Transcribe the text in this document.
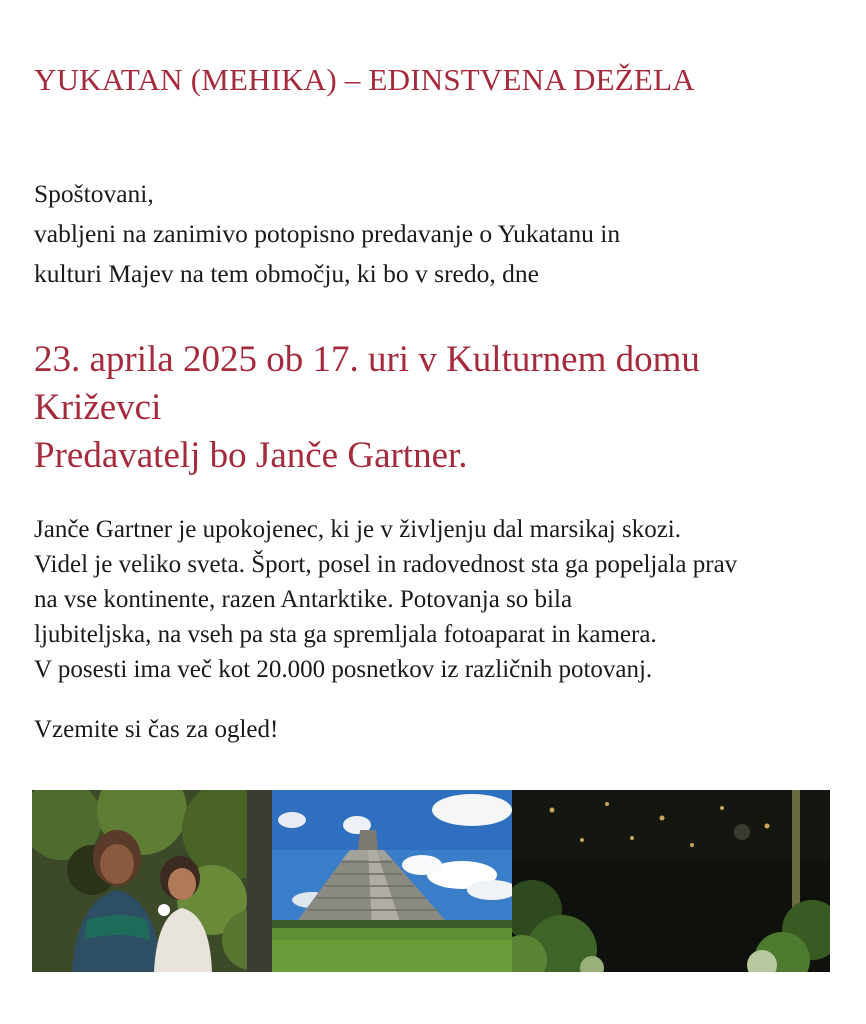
YUKATAN (MEHIKA) – EDINSTVENA DEŽELA
Spoštovani,
vabljeni na zanimivo potopisno predavanje o Yukatanu in
kulturi Majev na tem območju, ki bo v sredo, dne
23. aprila 2025 ob 17. uri v Kulturnem domu
Križevci
Predavatelj bo Janče Gartner.
Janče Gartner je upokojenec, ki je v življenju dal marsikaj skozi.
Videl je veliko sveta. Šport, posel in radovednost sta ga popeljala prav
na vse kontinente, razen Antarktike. Potovanja so bila
ljubiteljska, na vseh pa sta ga spremljala fotoaparat in kamera.
V posesti ima več kot 20.000 posnetkov iz različnih potovanj.
Vzemite si čas za ogled!
